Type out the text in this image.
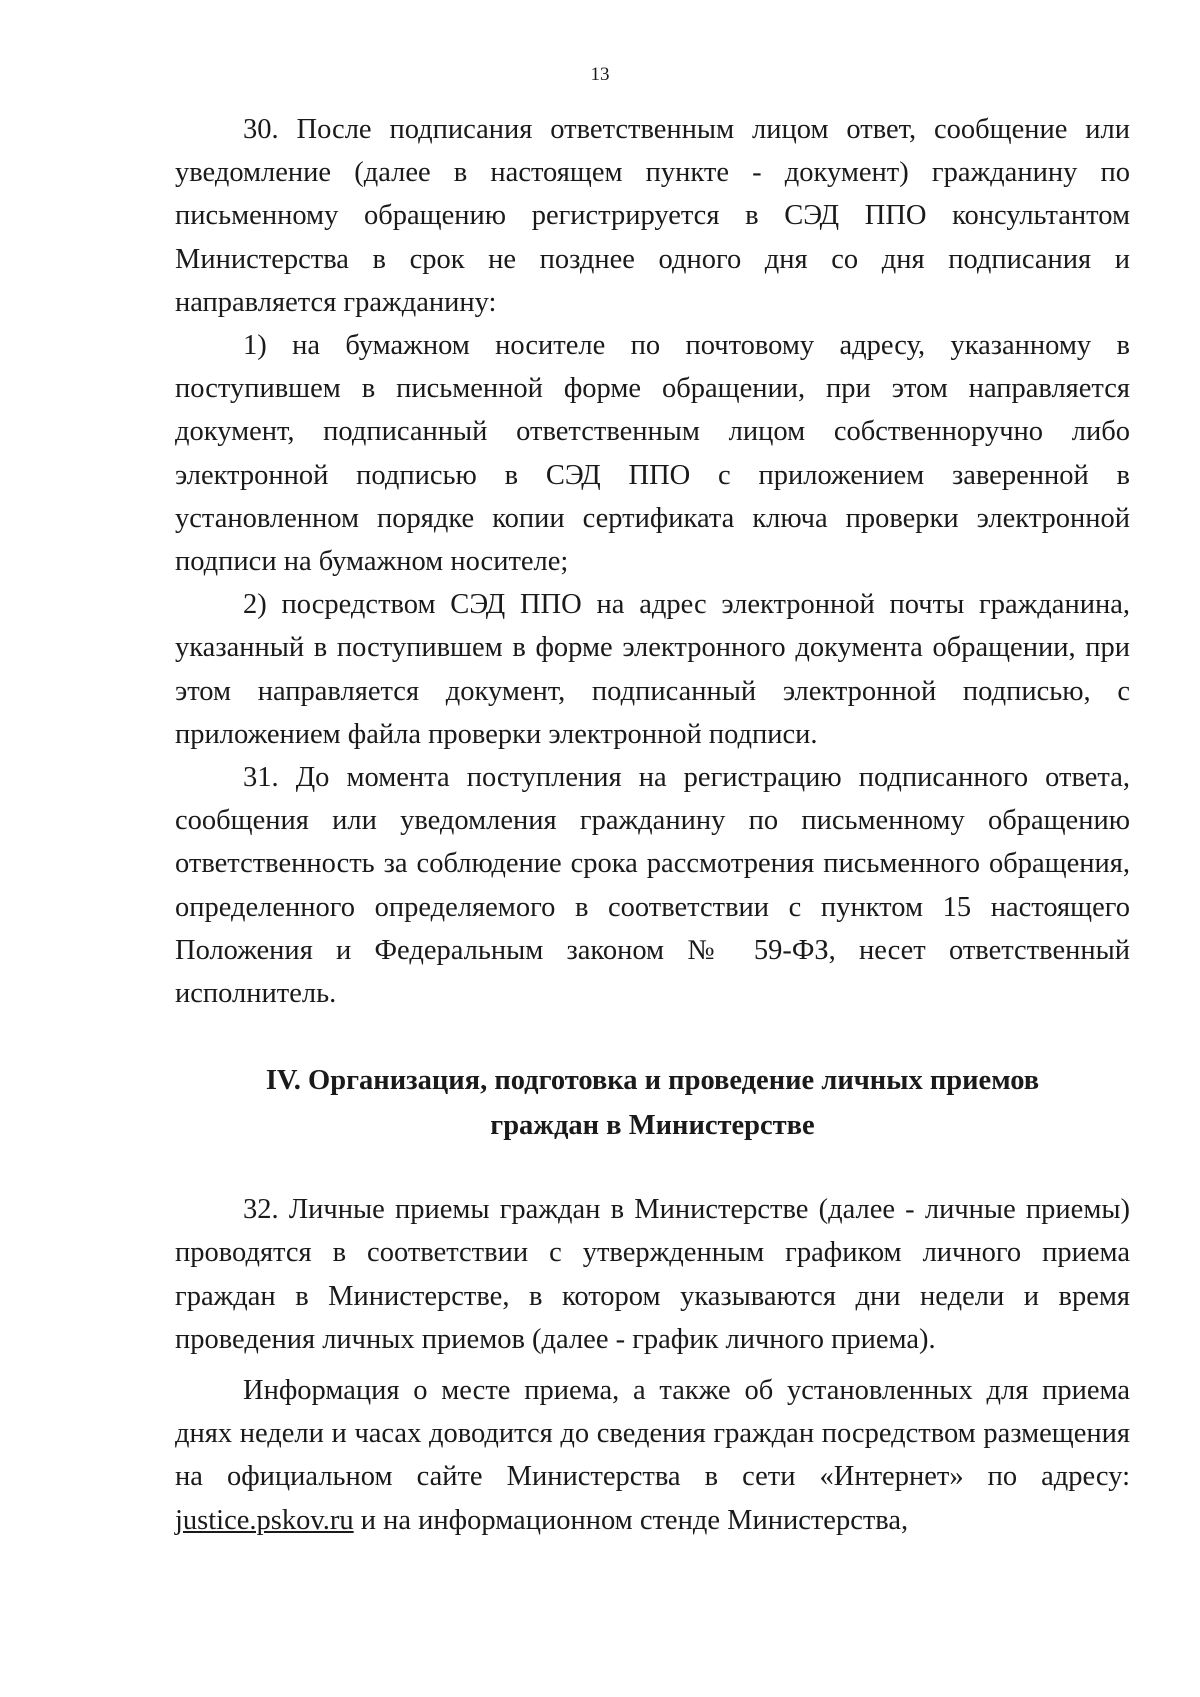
13

30. После подписания ответственным лицом ответ, сообщение или уведомление (далее в настоящем пункте - документ) гражданину по письменному обращению регистрируется в СЭД ППО консультантом Министерства в срок не позднее одного дня со дня подписания и направляется гражданину:

1) на бумажном носителе по почтовому адресу, указанному в поступившем в письменной форме обращении, при этом направляется документ, подписанный ответственным лицом собственноручно либо электронной подписью в СЭД ППО с приложением заверенной в установленном порядке копии сертификата ключа проверки электронной подписи на бумажном носителе;

2) посредством СЭД ППО на адрес электронной почты гражданина, указанный в поступившем в форме электронного документа обращении, при этом направляется документ, подписанный электронной подписью, с приложением файла проверки электронной подписи.

31. До момента поступления на регистрацию подписанного ответа, сообщения или уведомления гражданину по письменному обращению ответственность за соблюдение срока рассмотрения письменного обращения, определенного определяемого в соответствии с пунктом 15 настоящего Положения и Федеральным законом № 59-ФЗ, несет ответственный исполнитель.

IV. Организация, подготовка и проведение личных приемов
граждан в Министерстве

32. Личные приемы граждан в Министерстве (далее - личные приемы) проводятся в соответствии с утвержденным графиком личного приема граждан в Министерстве, в котором указываются дни недели и время проведения личных приемов (далее - график личного приема).

Информация о месте приема, а также об установленных для приема днях недели и часах доводится до сведения граждан посредством размещения на официальном сайте Министерства в сети «Интернет» по адресу: justice.pskov.ru и на информационном стенде Министерства,
